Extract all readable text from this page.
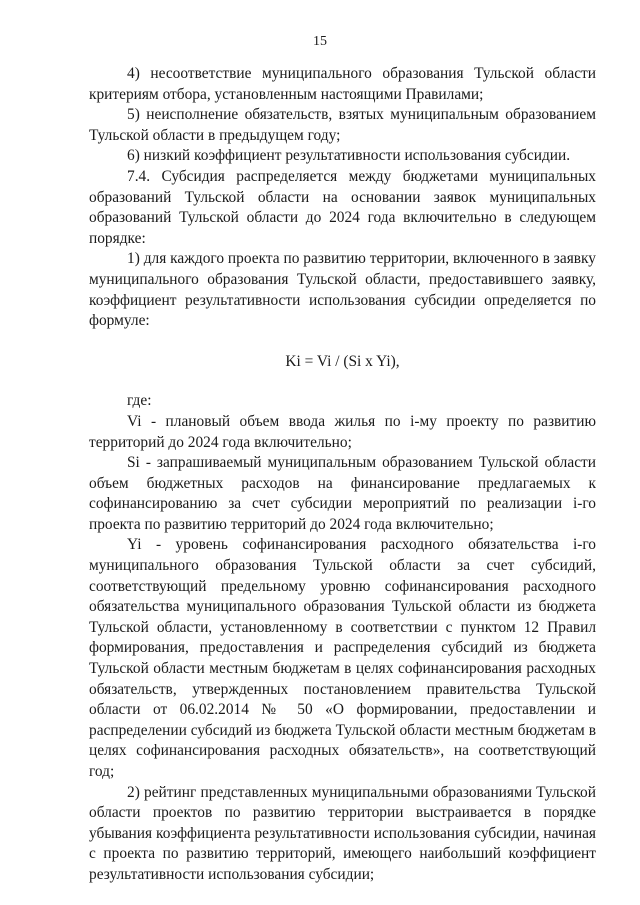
15

4) несоответствие муниципального образования Тульской области критериям отбора, установленным настоящими Правилами;

5) неисполнение обязательств, взятых муниципальным образованием Тульской области в предыдущем году;

6) низкий коэффициент результативности использования субсидии.

7.4. Субсидия распределяется между бюджетами муниципальных образований Тульской области на основании заявок муниципальных образований Тульской области до 2024 года включительно в следующем порядке:

1) для каждого проекта по развитию территории, включенного в заявку муниципального образования Тульской области, предоставившего заявку, коэффициент результативности использования субсидии определяется по формуле:

Ki = Vi / (Si x Yi),

где:

Vi - плановый объем ввода жилья по i-му проекту по развитию территорий до 2024 года включительно;

Si - запрашиваемый муниципальным образованием Тульской области объем бюджетных расходов на финансирование предлагаемых к софинансированию за счет субсидии мероприятий по реализации i-го проекта по развитию территорий до 2024 года включительно;

Yi - уровень софинансирования расходного обязательства i-го муниципального образования Тульской области за счет субсидий, соответствующий предельному уровню софинансирования расходного обязательства муниципального образования Тульской области из бюджета Тульской области, установленному в соответствии с пунктом 12 Правил формирования, предоставления и распределения субсидий из бюджета Тульской области местным бюджетам в целях софинансирования расходных обязательств, утвержденных постановлением правительства Тульской области от 06.02.2014 № 50 «О формировании, предоставлении и распределении субсидий из бюджета Тульской области местным бюджетам в целях софинансирования расходных обязательств», на соответствующий год;

2) рейтинг представленных муниципальными образованиями Тульской области проектов по развитию территории выстраивается в порядке убывания коэффициента результативности использования субсидии, начиная с проекта по развитию территорий, имеющего наибольший коэффициент результативности использования субсидии;
